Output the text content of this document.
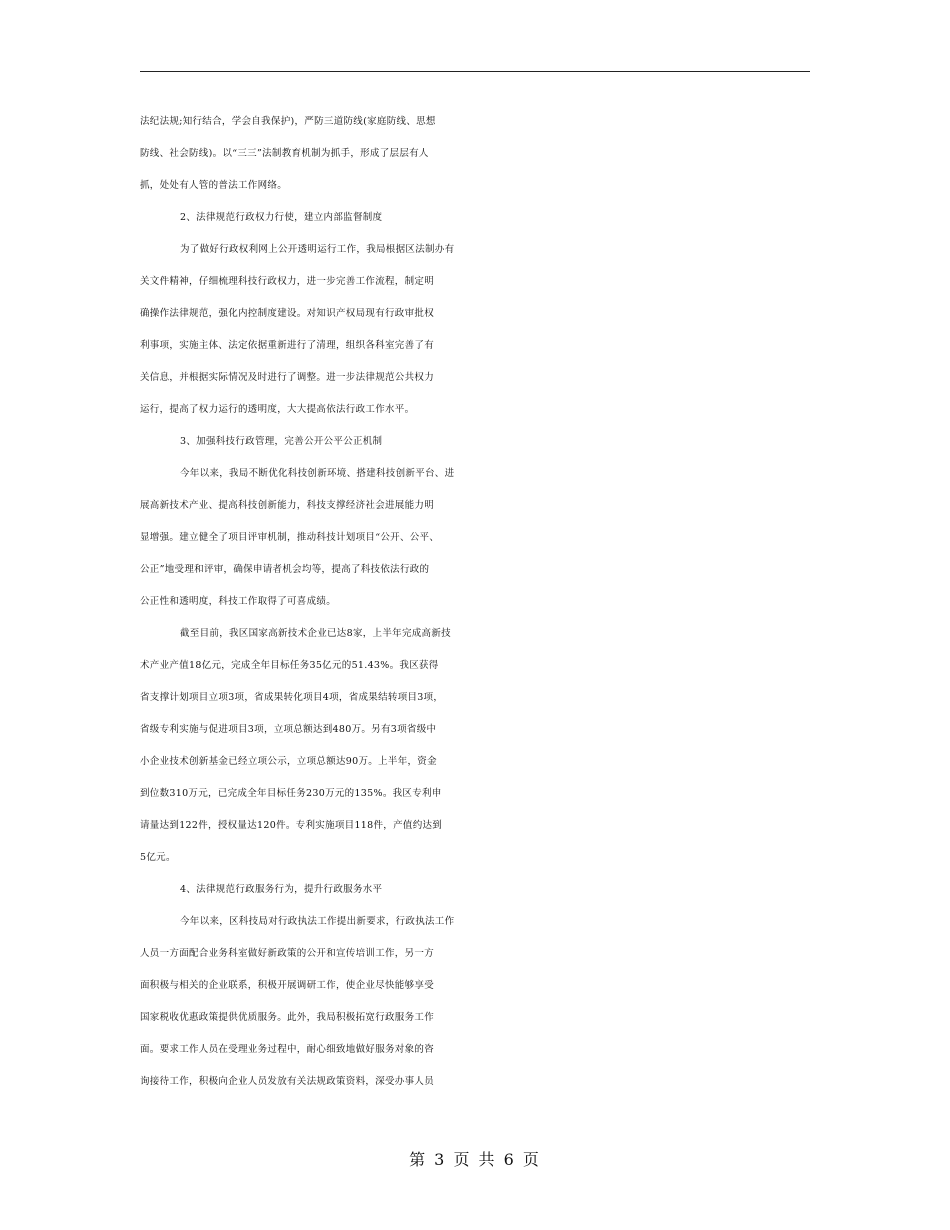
法纪法规;知行结合，学会自我保护)，严防三道防线(家庭防线、思想
防线、社会防线)。以“三三”法制教育机制为抓手，形成了层层有人
抓，处处有人管的普法工作网络。
2、法律规范行政权力行使，建立内部监督制度
为了做好行政权利网上公开透明运行工作，我局根据区法制办有
关文件精神，仔细梳理科技行政权力，进一步完善工作流程，制定明
确操作法律规范，强化内控制度建设。对知识产权局现有行政审批权
利事项，实施主体、法定依据重新进行了清理，组织各科室完善了有
关信息，并根据实际情况及时进行了调整。进一步法律规范公共权力
运行，提高了权力运行的透明度，大大提高依法行政工作水平。
3、加强科技行政管理，完善公开公平公正机制
今年以来，我局不断优化科技创新环境、搭建科技创新平台、进
展高新技术产业、提高科技创新能力，科技支撑经济社会进展能力明
显增强。建立健全了项目评审机制，推动科技计划项目“公开、公平、
公正”地受理和评审，确保申请者机会均等，提高了科技依法行政的
公正性和透明度，科技工作取得了可喜成绩。
截至目前，我区国家高新技术企业已达8家，上半年完成高新技
术产业产值18亿元，完成全年目标任务35亿元的51.43%。我区获得
省支撑计划项目立项3项，省成果转化项目4项，省成果结转项目3项，
省级专利实施与促进项目3项，立项总额达到480万。另有3项省级中
小企业技术创新基金已经立项公示，立项总额达90万。上半年，资金
到位数310万元，已完成全年目标任务230万元的135%。我区专利申
请量达到122件，授权量达120件。专利实施项目118件，产值约达到
5亿元。
4、法律规范行政服务行为，提升行政服务水平
今年以来，区科技局对行政执法工作提出新要求，行政执法工作
人员一方面配合业务科室做好新政策的公开和宣传培训工作，另一方
面积极与相关的企业联系，积极开展调研工作，使企业尽快能够享受
国家税收优惠政策提供优质服务。此外，我局积极拓宽行政服务工作
面。要求工作人员在受理业务过程中，耐心细致地做好服务对象的咨
询接待工作，积极向企业人员发放有关法规政策资料，深受办事人员
第 3 页 共 6 页
